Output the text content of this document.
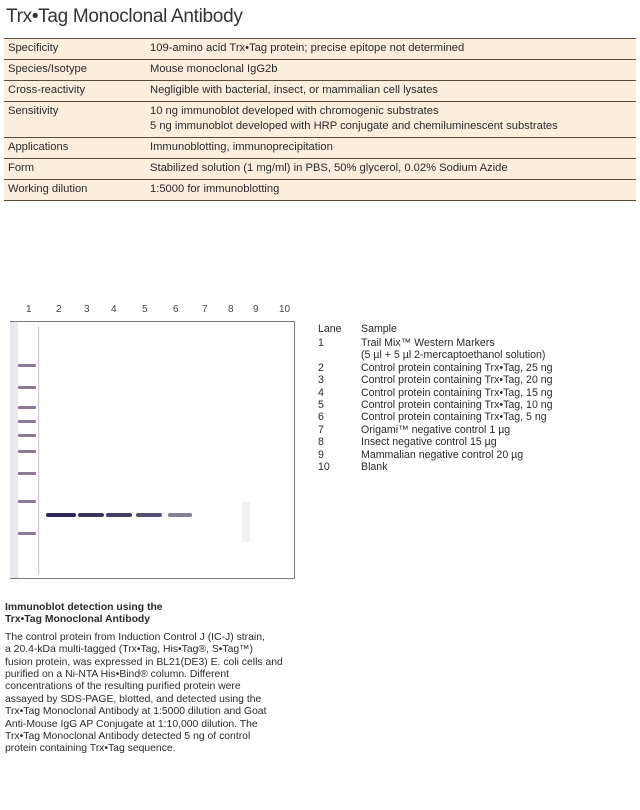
Trx•Tag Monoclonal Antibody
Specificity	109-amino acid Trx•Tag protein; precise epitope not determined

Species/Isotype	Mouse monoclonal IgG2b

Cross-reactivity	Negligible with bacterial, insect, or mammalian cell lysates

Sensitivity	10 ng immunoblot developed with chromogenic substrates
5 ng immunoblot developed with HRP conjugate and chemiluminescent substrates

Applications	Immunoblotting, immunoprecipitation

Form	Stabilized solution (1 mg/ml) in PBS, 50% glycerol, 0.02% Sodium Azide

Working dilution	1:5000 for immunoblotting
1 2 3 4	5	6 7 8 9 10
Lane Sample
1	Trail Mix™ Western Markers
(5 µl + 5 µl 2-mercaptoethanol solution)
2	Control protein containing Trx•Tag, 25 ng
3	Control protein containing Trx•Tag, 20 ng
4	Control protein containing Trx•Tag, 15 ng
5	Control protein containing Trx•Tag, 10 ng
6	Control protein containing Trx•Tag, 5 ng
7	Origami™ negative control 1 µg
8	Insect negative control 15 µg
9	Mammalian negative control 20 µg
10	Blank
Immunoblot detection using the
Trx•Tag Monoclonal Antibody
The control protein from Induction Control J (IC-J) strain,
a 20.4-kDa multi-tagged (Trx•Tag, His•Tag®, S•Tag™)
fusion protein, was expressed in BL21(DE3) E. coli cells and
purified on a Ni-NTA His•Bind® column. Different
concentrations of the resulting purified protein were
assayed by SDS-PAGE, blotted, and detected using the
Trx•Tag Monoclonal Antibody at 1:5000 dilution and Goat
Anti-Mouse IgG AP Conjugate at 1:10,000 dilution. The
Trx•Tag Monoclonal Antibody detected 5 ng of control
protein containing Trx•Tag sequence.
